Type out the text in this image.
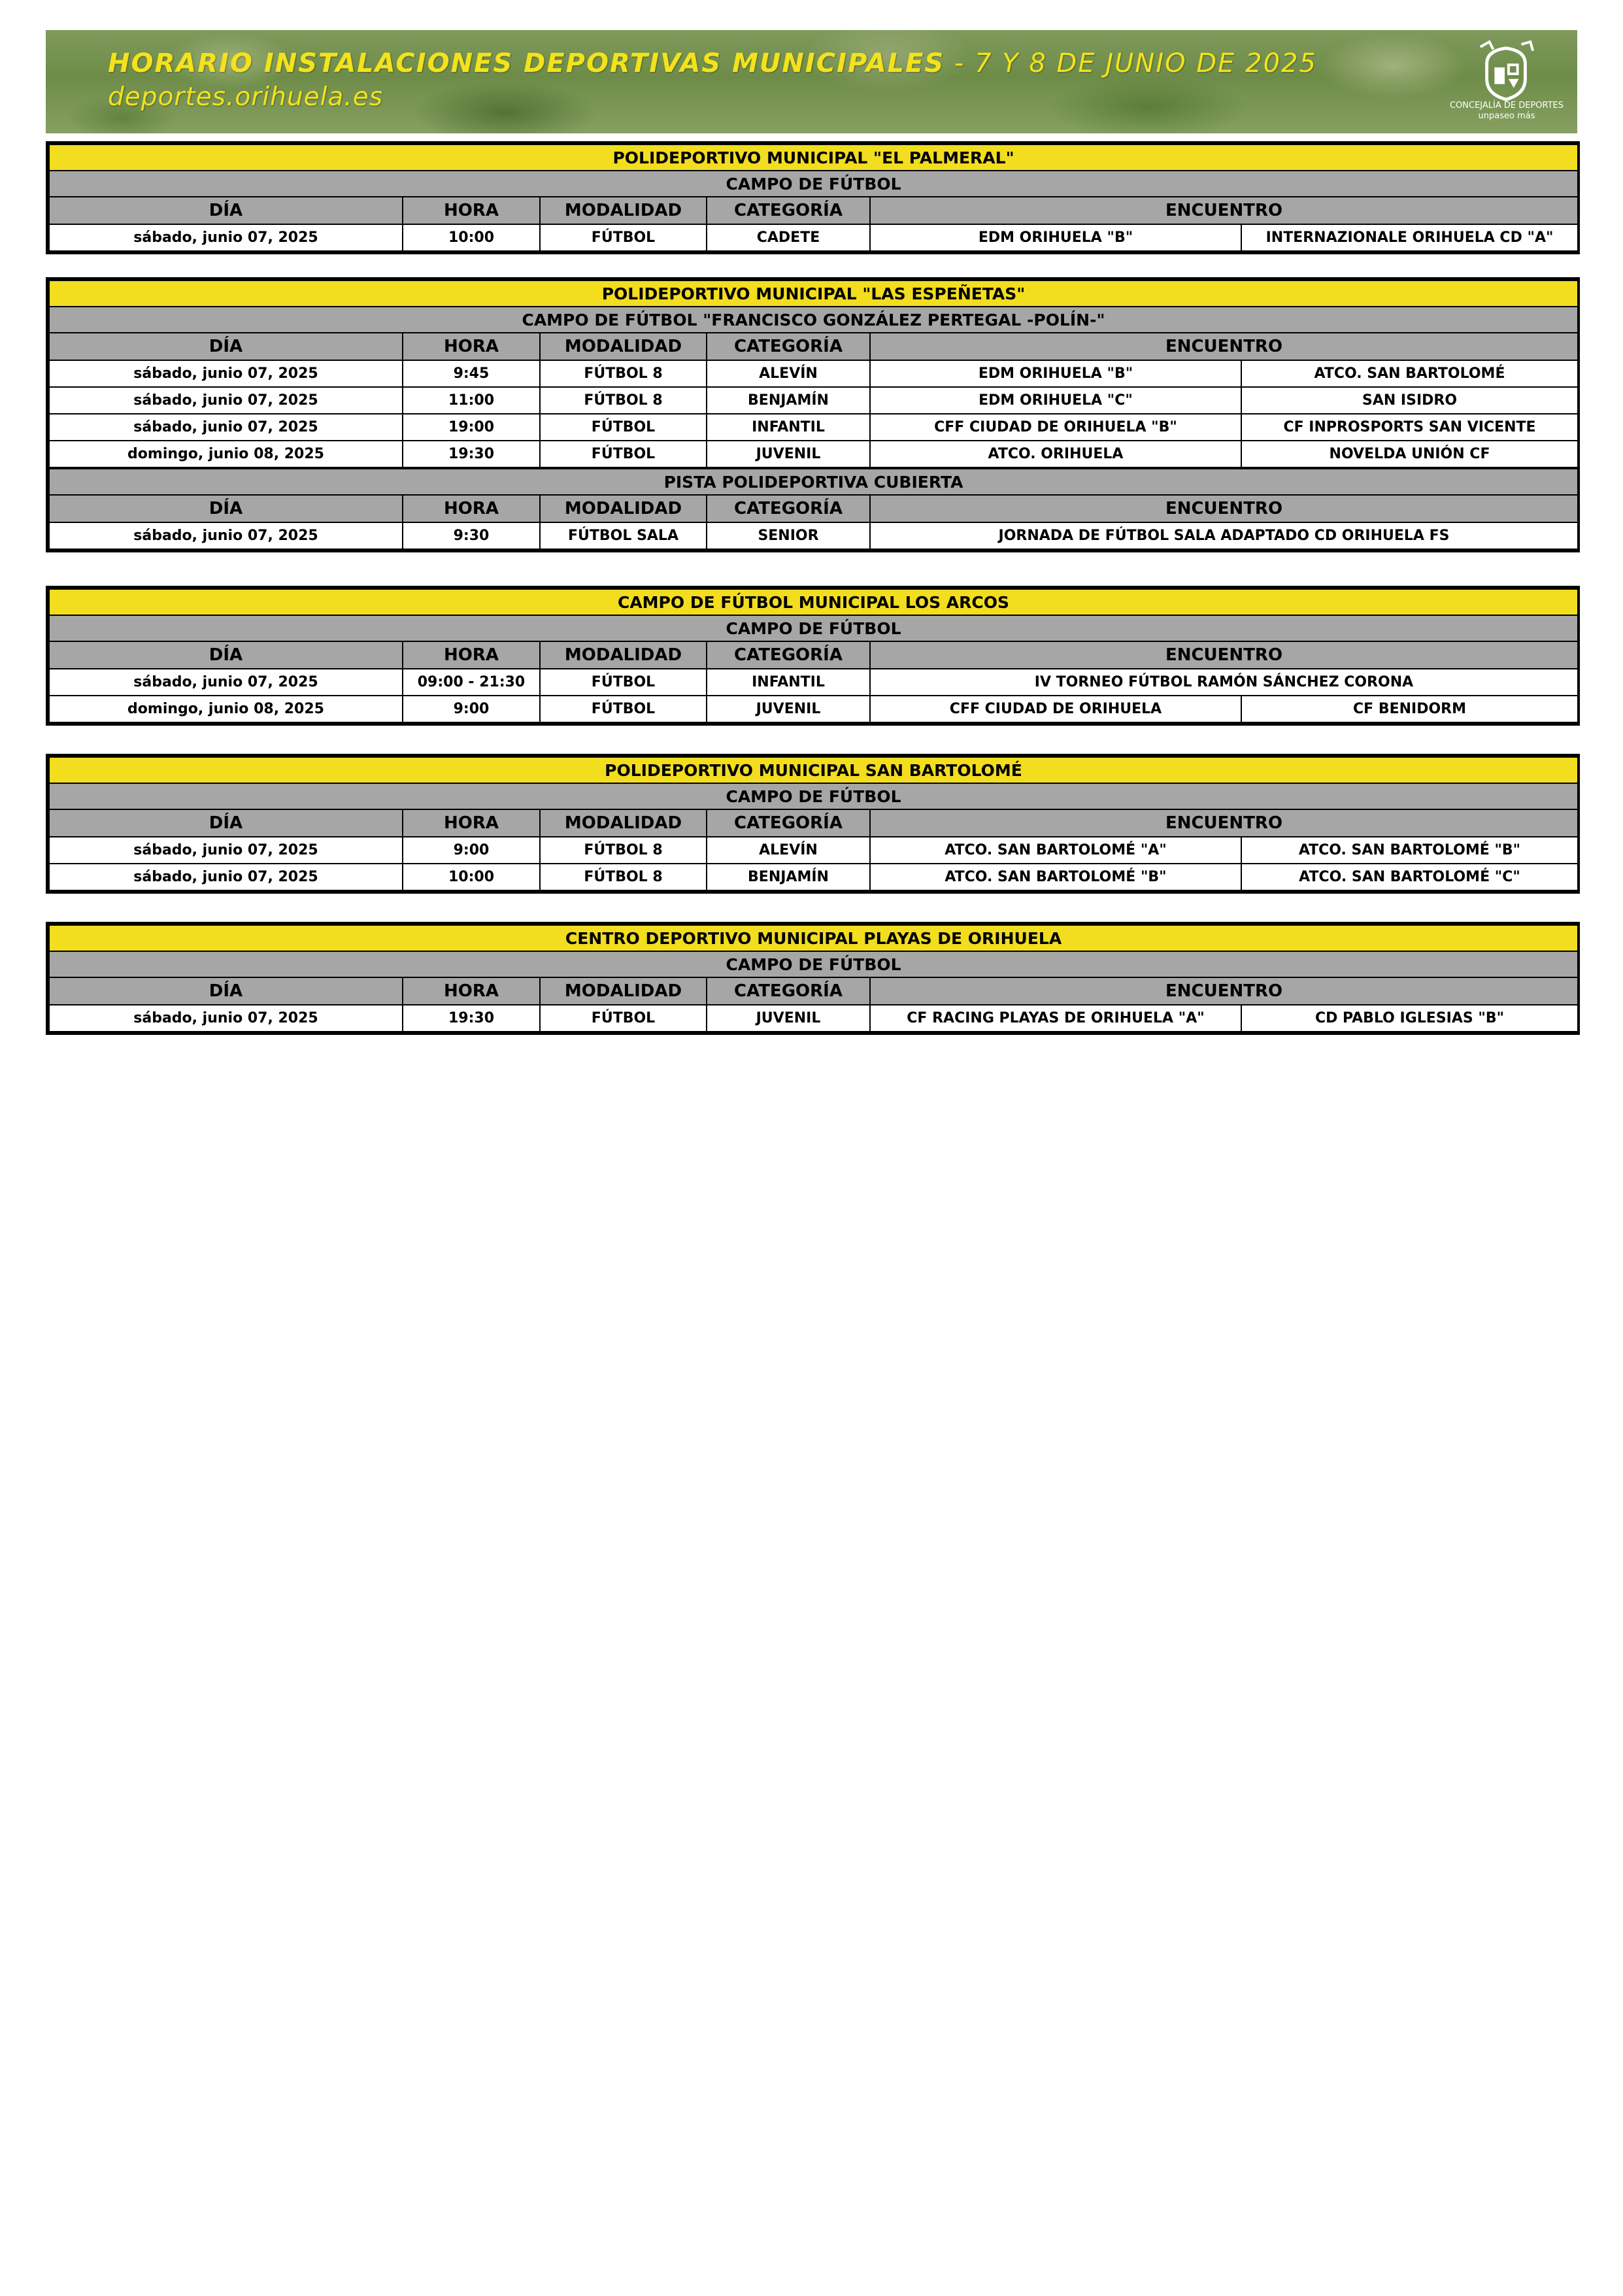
HORARIO INSTALACIONES DEPORTIVAS MUNICIPALES - 7 Y 8 DE JUNIO DE 2025
deportes.orihuela.es	CONCEJALÍA DE DEPORTES
unpaseo más
POLIDEPORTIVO MUNICIPAL "EL PALMERAL"					
CAMPO DE FÚTBOL					
DÍA	HORA	MODALIDAD	CATEGORÍA	ENCUENTRO	
sábado, junio 07, 2025	10:00	FÚTBOL	CADETE	EDM ORIHUELA "B"	INTERNAZIONALE ORIHUELA CD "A"
POLIDEPORTIVO MUNICIPAL "LAS ESPEÑETAS"					
CAMPO DE FÚTBOL "FRANCISCO GONZÁLEZ PERTEGAL -POLÍN-"					
DÍA	HORA	MODALIDAD	CATEGORÍA	ENCUENTRO	
sábado, junio 07, 2025	9:45	FÚTBOL 8	ALEVÍN	EDM ORIHUELA "B"	ATCO. SAN BARTOLOMÉ
sábado, junio 07, 2025	11:00	FÚTBOL 8	BENJAMÍN	EDM ORIHUELA "C"	SAN ISIDRO
sábado, junio 07, 2025	19:00	FÚTBOL	INFANTIL	CFF CIUDAD DE ORIHUELA "B"	CF INPROSPORTS SAN VICENTE
domingo, junio 08, 2025	19:30	FÚTBOL	JUVENIL	ATCO. ORIHUELA	NOVELDA UNIÓN CF
PISTA POLIDEPORTIVA CUBIERTA					
DÍA	HORA	MODALIDAD	CATEGORÍA	ENCUENTRO	
sábado, junio 07, 2025	9:30	FÚTBOL SALA	SENIOR	JORNADA DE FÚTBOL SALA ADAPTADO CD ORIHUELA FS	
CAMPO DE FÚTBOL MUNICIPAL LOS ARCOS					
CAMPO DE FÚTBOL					
DÍA	HORA	MODALIDAD	CATEGORÍA	ENCUENTRO	
sábado, junio 07, 2025	09:00 - 21:30	FÚTBOL	INFANTIL	IV TORNEO FÚTBOL RAMÓN SÁNCHEZ CORONA	
domingo, junio 08, 2025	9:00	FÚTBOL	JUVENIL	CFF CIUDAD DE ORIHUELA	CF BENIDORM
POLIDEPORTIVO MUNICIPAL SAN BARTOLOMÉ					
CAMPO DE FÚTBOL					
DÍA	HORA	MODALIDAD	CATEGORÍA	ENCUENTRO	
sábado, junio 07, 2025	9:00	FÚTBOL 8	ALEVÍN	ATCO. SAN BARTOLOMÉ "A"	ATCO. SAN BARTOLOMÉ "B"
sábado, junio 07, 2025	10:00	FÚTBOL 8	BENJAMÍN	ATCO. SAN BARTOLOMÉ "B"	ATCO. SAN BARTOLOMÉ "C"
CENTRO DEPORTIVO MUNICIPAL PLAYAS DE ORIHUELA					
CAMPO DE FÚTBOL					
DÍA	HORA	MODALIDAD	CATEGORÍA	ENCUENTRO	
sábado, junio 07, 2025	19:30	FÚTBOL	JUVENIL	CF RACING PLAYAS DE ORIHUELA "A"	CD PABLO IGLESIAS "B"
